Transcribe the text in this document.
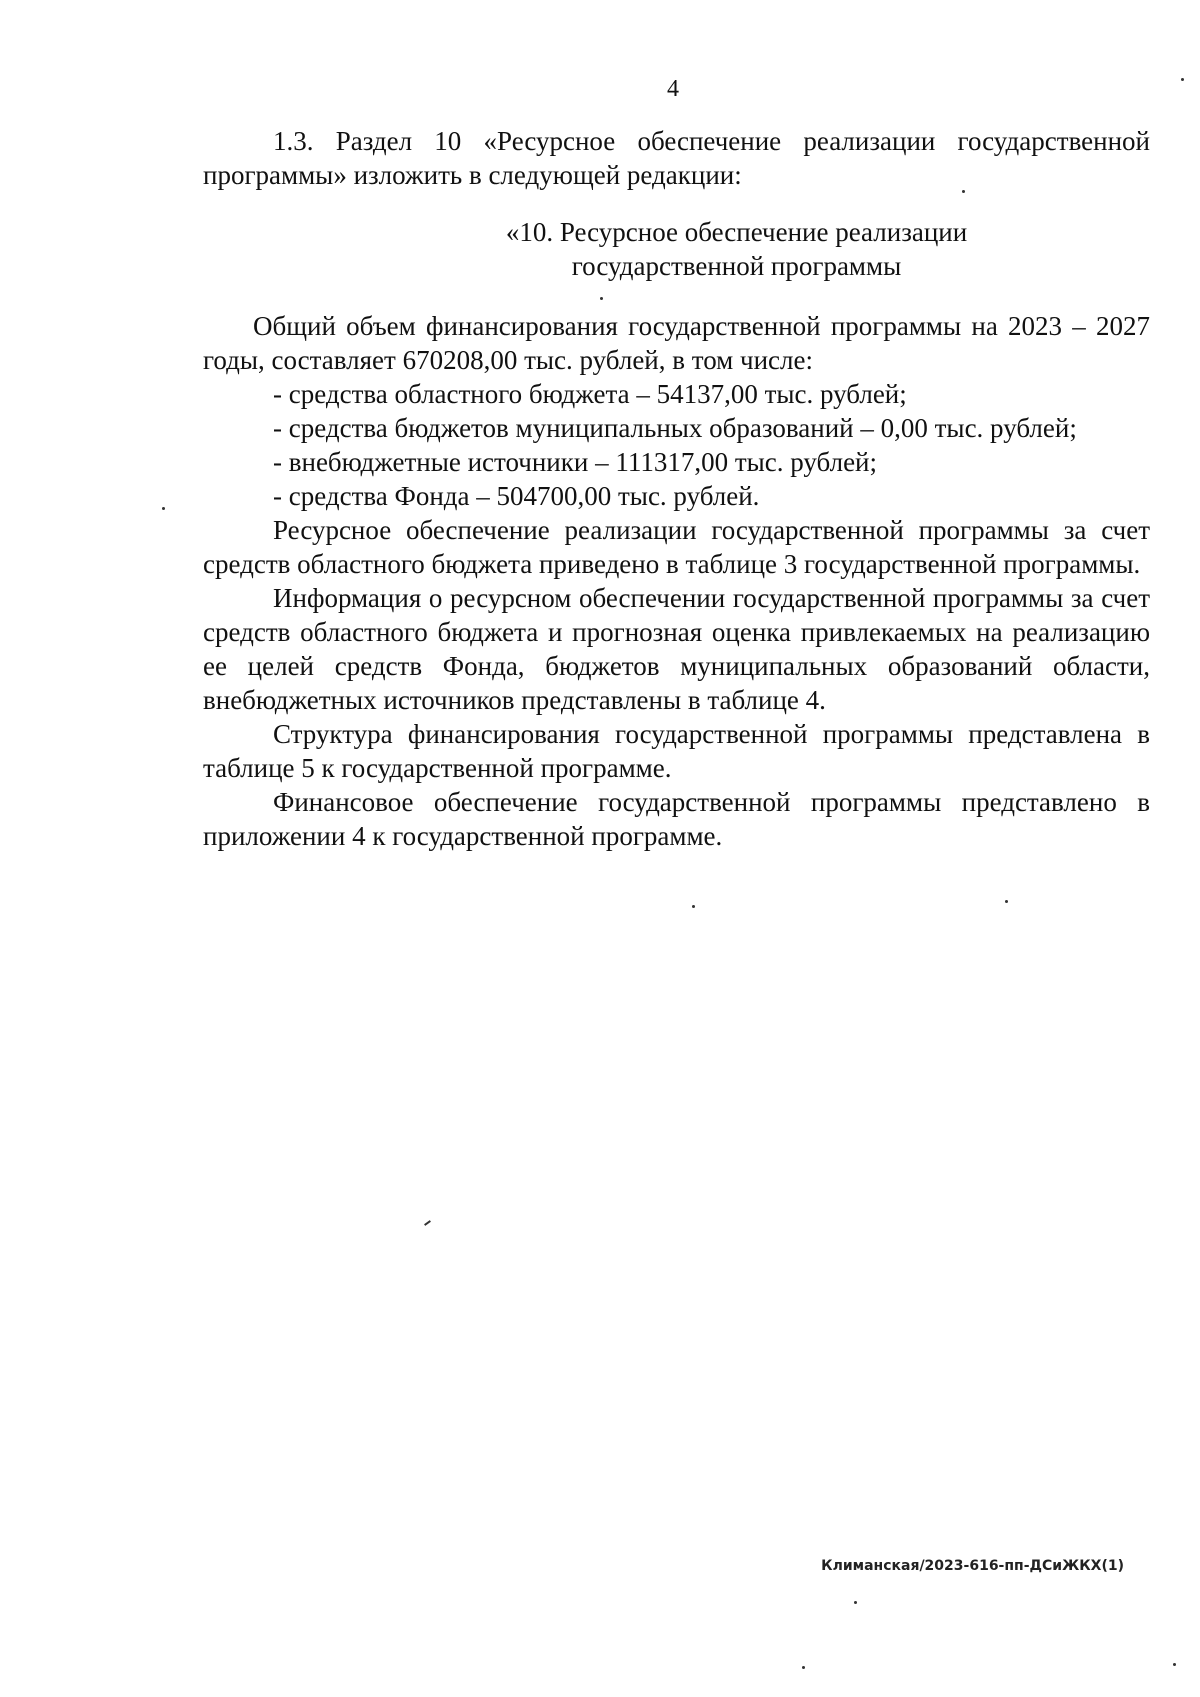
4

1.3. Раздел 10 «Ресурсное обеспечение реализации государственной программы» изложить в следующей редакции:

«10. Ресурсное обеспечение реализации
государственной программы

Общий объем финансирования государственной программы на 2023 – 2027 годы, составляет 670208,00 тыс. рублей, в том числе:

- средства областного бюджета – 54137,00 тыс. рублей;

- средства бюджетов муниципальных образований – 0,00 тыс. рублей;

- внебюджетные источники – 111317,00 тыс. рублей;

- средства Фонда – 504700,00 тыс. рублей.

Ресурсное обеспечение реализации государственной программы за счет средств областного бюджета приведено в таблице 3 государственной программы.

Информация о ресурсном обеспечении государственной программы за счет средств областного бюджета и прогнозная оценка привлекаемых на реализацию ее целей средств Фонда, бюджетов муниципальных образований области, внебюджетных источников представлены в таблице 4.

Структура финансирования государственной программы представлена в таблице 5 к государственной программе.

Финансовое обеспечение государственной программы представлено в приложении 4 к государственной программе.

Климанская/2023-616-пп-ДСиЖКХ(1)
